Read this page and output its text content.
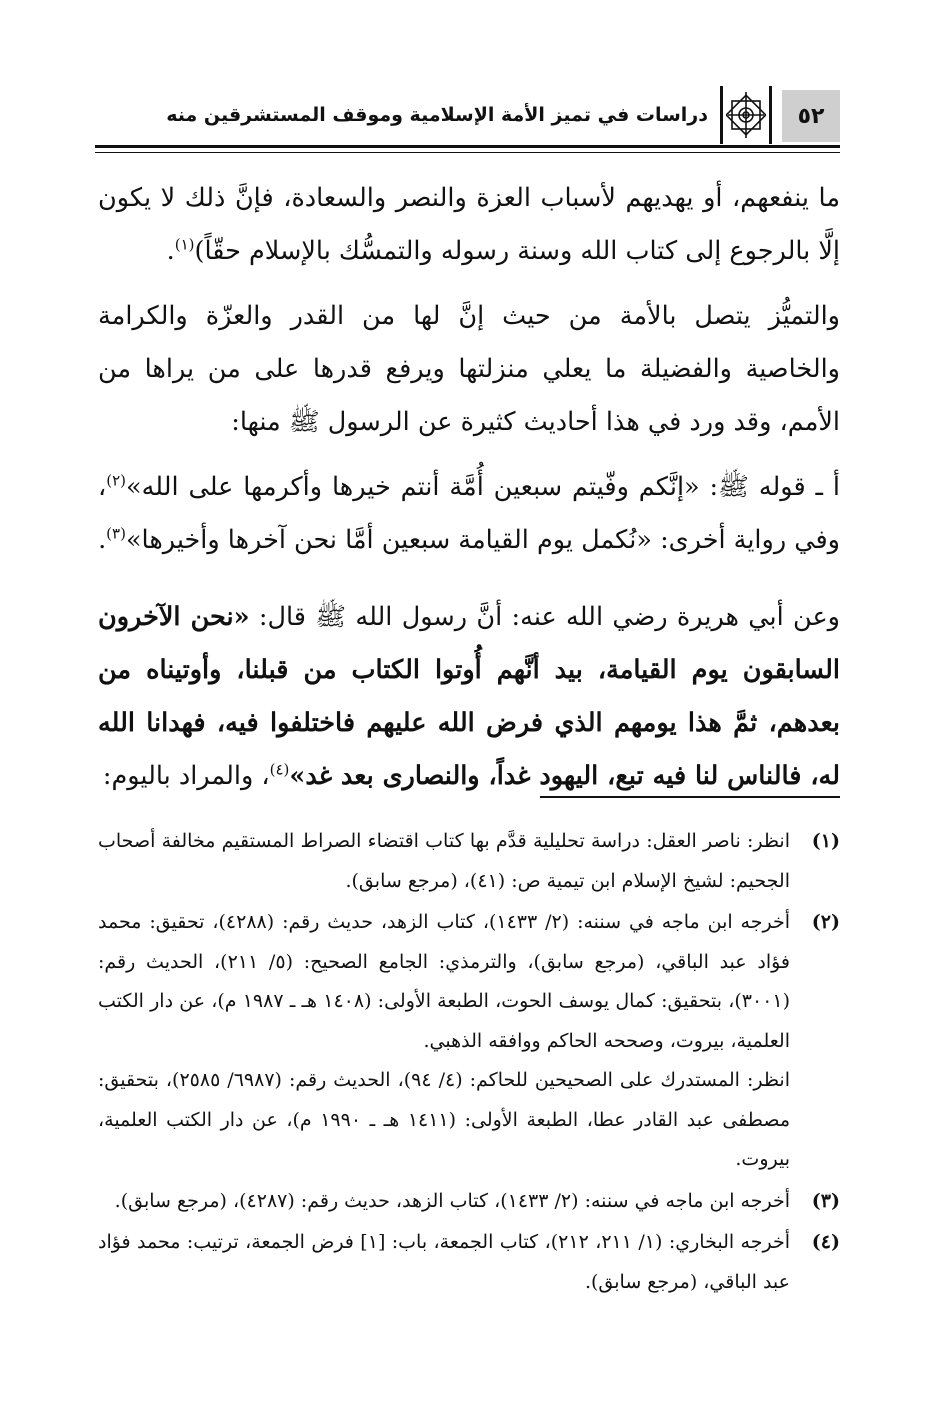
٥٢
دراسات في تميز الأمة الإسلامية وموقف المستشرقين منه

ما ينفعهم، أو يهديهم لأسباب العزة والنصر والسعادة، فإنَّ ذلك لا يكون إلَّا بالرجوع إلى كتاب الله وسنة رسوله والتمسُّك بالإسلام حقّاً)$^{(١)}$.

والتميُّز يتصل بالأمة من حيث إنَّ لها من القدر والعزّة والكرامة والخاصية والفضيلة ما يعلي منزلتها ويرفع قدرها على من يراها من الأمم، وقد ورد في هذا أحاديث كثيرة عن الرسول ﷺ منها:

أ ـ قوله ﷺ: «إنَّكم وفّيتم سبعين أُمَّة أنتم خيرها وأكرمها على الله»$^{(٢)}$، وفي رواية أخرى: «نُكمل يوم القيامة سبعين أمَّا نحن آخرها وأخيرها»$^{(٣)}$.

وعن أبي هريرة رضي الله عنه: أنَّ رسول الله ﷺ قال: «نحن الآخرون السابقون يوم القيامة، بيد أنَّهم أُوتوا الكتاب من قبلنا، وأوتيناه من بعدهم، ثمَّ هذا يومهم الذي فرض الله عليهم فاختلفوا فيه، فهدانا الله له، فالناس لنا فيه تبع، اليهود غداً، والنصارى بعد غد»$^{(٤)}$، والمراد باليوم:

(١)
انظر: ناصر العقل: دراسة تحليلية قدَّم بها كتاب اقتضاء الصراط المستقيم مخالفة أصحاب الجحيم: لشيخ الإسلام ابن تيمية ص: (٤١)، (مرجع سابق).
(٢)
أخرجه ابن ماجه في سننه: (٢/ ١٤٣٣)، كتاب الزهد، حديث رقم: (٤٢٨٨)، تحقيق: محمد فؤاد عبد الباقي، (مرجع سابق)، والترمذي: الجامع الصحيح: (٥/ ٢١١)، الحديث رقم: (٣٠٠١)، بتحقيق: كمال يوسف الحوت، الطبعة الأولى: (١٤٠٨ هـ ـ ١٩٨٧ م)، عن دار الكتب العلمية، بيروت، وصححه الحاكم ووافقه الذهبي.
انظر: المستدرك على الصحيحين للحاكم: (٤/ ٩٤)، الحديث رقم: (٦٩٨٧/ ٢٥٨٥)، بتحقيق: مصطفى عبد القادر عطا، الطبعة الأولى: (١٤١١ هـ ـ ١٩٩٠ م)، عن دار الكتب العلمية، بيروت.
(٣)
أخرجه ابن ماجه في سننه: (٢/ ١٤٣٣)، كتاب الزهد، حديث رقم: (٤٢٨٧)، (مرجع سابق).
(٤)
أخرجه البخاري: (١/ ٢١١، ٢١٢)، كتاب الجمعة، باب: [١] فرض الجمعة، ترتيب: محمد فؤاد عبد الباقي، (مرجع سابق).
